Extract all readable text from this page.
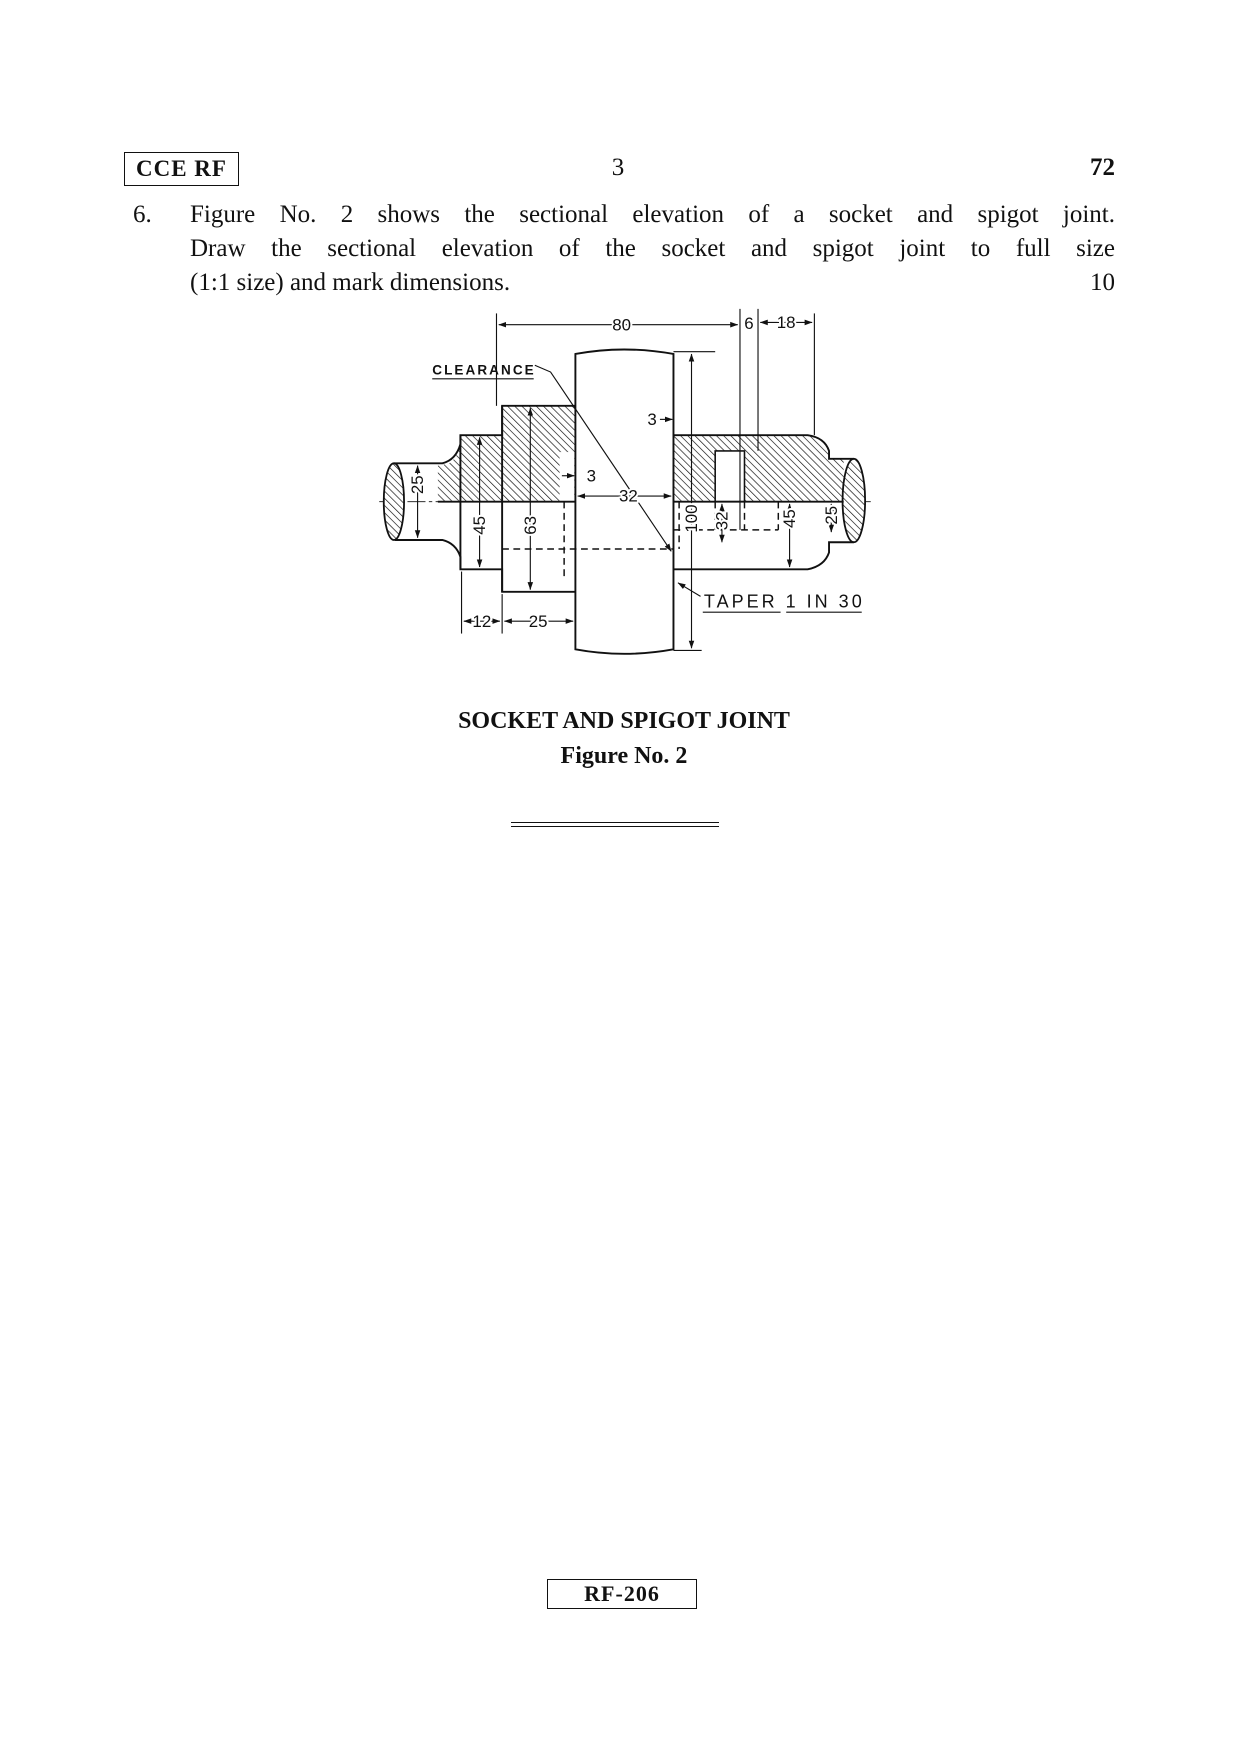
CCE RF	3	72
6. Figure No. 2 shows the sectional elevation of a socket and spigot joint.
Draw the sectional elevation of the socket and spigot joint to full size
(1:1 size) and mark dimensions.	10
80	6 18
CLEARANCE
3
3
32
25
45 63	100 32	45 25
12	25
TAPER 1 IN 30
SOCKET AND SPIGOT JOINT
Figure No. 2
RF-206
